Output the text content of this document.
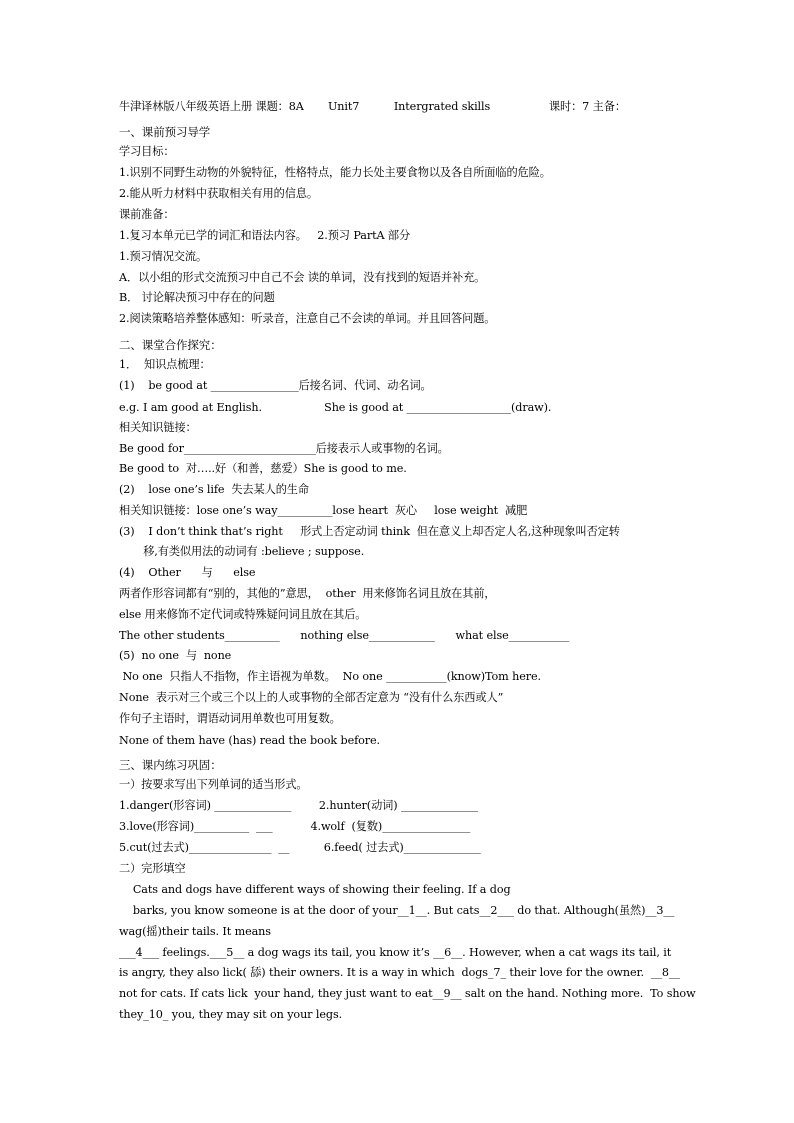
牛津译林版八年级英语上册 课题：8A       Unit7          Intergrated skills                 课时：7 主备：
一、课前预习导学
学习目标：
1.识别不同野生动物的外貌特征，性格特点，能力长处主要食物以及各自所面临的危险。
2.能从听力材料中获取相关有用的信息。
课前准备：
1.复习本单元已学的词汇和语法内容。   2.预习 PartA 部分
1.预习情况交流。
A．以小组的形式交流预习中自己不会 读的单词，没有找到的短语并补充。
B． 讨论解决预习中存在的问题
2.阅读策略培养整体感知：听录音，注意自己不会读的单词。并且回答问题。
二、课堂合作探究：
1．  知识点梳理：
(1)    be good at ________________后接名词、代词、动名词。
e.g. I am good at English.                  She is good at ___________________(draw).
相关知识链接：
Be good for________________________后接表示人或事物的名词。
Be good to  对…..好（和善，慈爱）She is good to me.
(2)    lose one’s life  失去某人的生命
相关知识链接：lose one’s way__________lose heart  灰心     lose weight  减肥
(3)    I don’t think that’s right     形式上否定动词 think  但在意义上却否定人名,这种现象叫否定转
移,有类似用法的动词有 :believe ; suppose.
(4)    Other      与      else
两者作形容词都有“别的，其他的”意思，  other  用来修饰名词且放在其前，
else 用来修饰不定代词或特殊疑问词且放在其后。
The other students__________      nothing else____________      what else___________
(5)  no one  与  none
No one  只指人不指物，作主语视为单数。  No one ___________(know)Tom here.
None  表示对三个或三个以上的人或事物的全部否定意为 “没有什么东西或人”
作句子主语时，谓语动词用单数也可用复数。
None of them have (has) read the book before.
三、课内练习巩固：
一）按要求写出下列单词的适当形式。
1.danger(形容词) ______________        2.hunter(动词) ______________
3.love(形容词)__________  ___           4.wolf  (复数)________________
5.cut(过去式)_______________  __          6.feed( 过去式)______________
二）完形填空
Cats and dogs have different ways of showing their feeling. If a dog
barks, you know someone is at the door of your__1__. But cats__2___ do that. Although(虽然)__3__
wag(摇)their tails. It means
___4___ feelings.___5__ a dog wags its tail, you know it’s __6__. However, when a cat wags its tail, it
is angry, they also lick( 舔) their owners. It is a way in which  dogs_7_ their love for the owner.  __8__
not for cats. If cats lick  your hand, they just want to eat__9__ salt on the hand. Nothing more.  To show
they_10_ you, they may sit on your legs.
